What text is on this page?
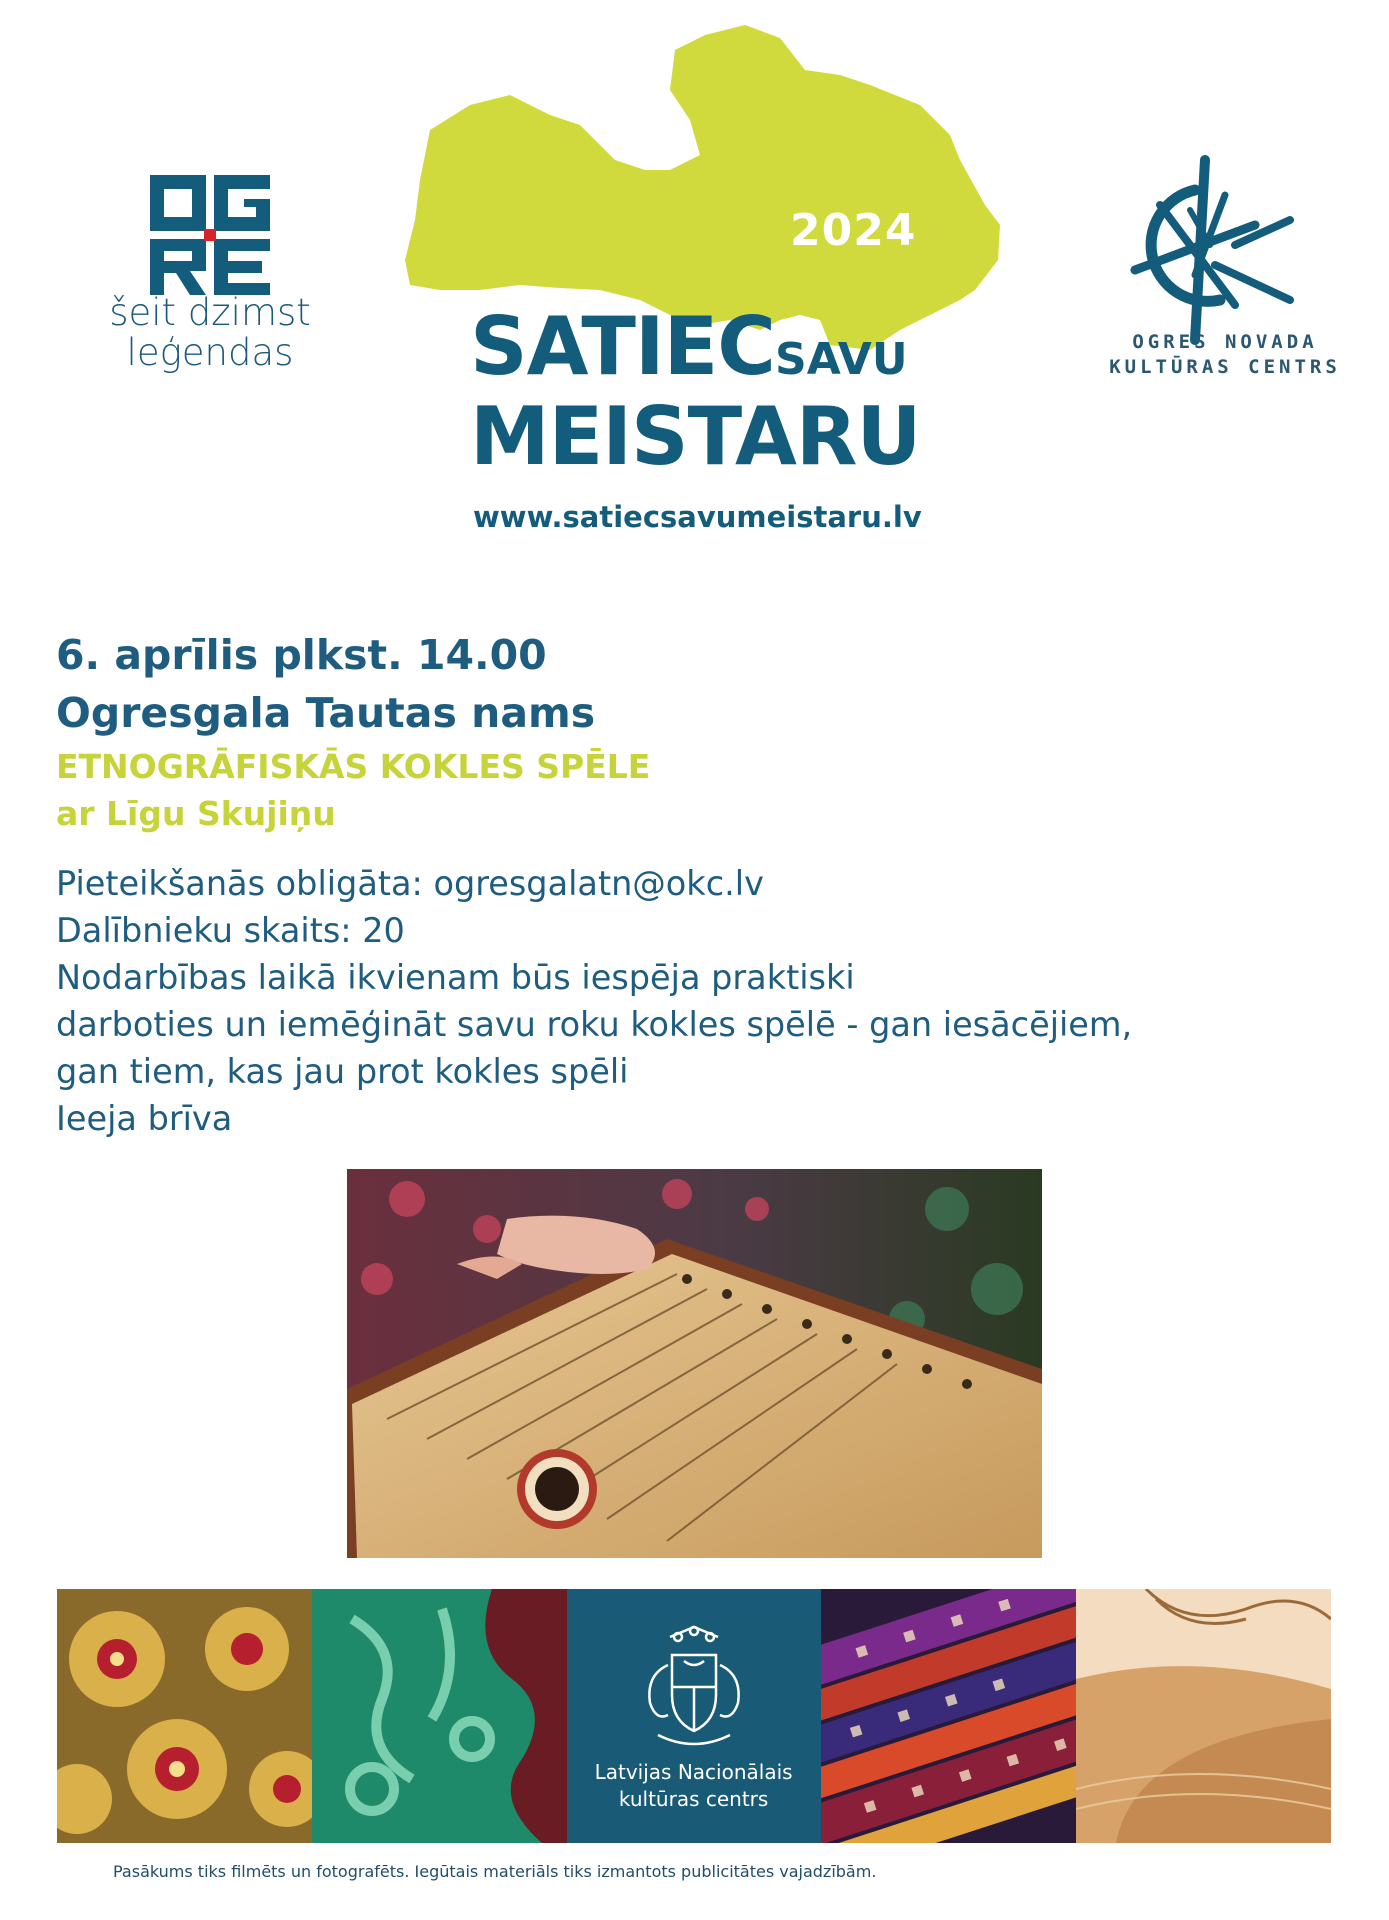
šeit dzimst
leģendas
2024
SATIECSAVU
MEISTARU
www.satiecsavumeistaru.lv
OGRES NOVADA
KULTŪRAS CENTRS
6. aprīlis plkst. 14.00
Ogresgala Tautas nams
ETNOGRĀFISKĀS KOKLES SPĒLE
ar Līgu Skujiņu
Pieteikšanās obligāta: ogresgalatn@okc.lv
Dalībnieku skaits: 20
Nodarbības laikā ikvienam būs iespēja praktiski
darboties un iemēģināt savu roku kokles spēlē - gan iesācējiem,
gan tiem, kas jau prot kokles spēli
Ieeja brīva
Latvijas Nacionālais
kultūras centrs
Pasākums tiks filmēts un fotografēts. Iegūtais materiāls tiks izmantots publicitātes vajadzībām.
